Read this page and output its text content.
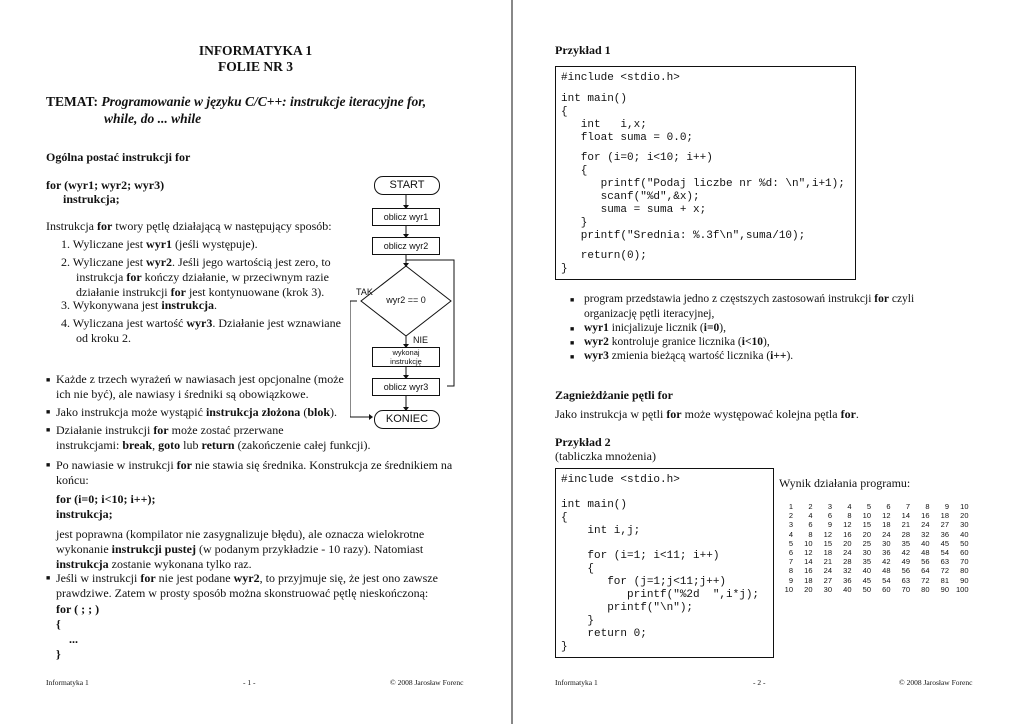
INFORMATYKA 1
FOLIE NR 3
TEMAT: Programowanie w języku C/C++: instrukcje iteracyjne for,
while, do ... while
Ogólna postać instrukcji for
for (wyr1; wyr2; wyr3)
instrukcja;
Instrukcja for twory pętlę działającą w następujący sposób:
1. Wyliczane jest wyr1 (jeśli występuje).
2. Wyliczane jest wyr2. Jeśli jego wartością jest zero, to
instrukcja for kończy działanie, w przeciwnym razie
działanie instrukcji for jest kontynuowane (krok 3).
3. Wykonywana jest instrukcja.
4. Wyliczana jest wartość wyr3. Działanie jest wznawiane
od kroku 2.
START
oblicz wyr1
oblicz wyr2
wyr2 == 0
TAK
NIE
wykonaj
instrukcję
oblicz wyr3
KONIEC
■ Każde z trzech wyrażeń w nawiasach jest opcjonalne (może
ich nie być), ale nawiasy i średniki są obowiązkowe.
■ Jako instrukcja może wystąpić instrukcja złożona (blok).
■ Działanie instrukcji for może zostać przerwane
instrukcjami: break, goto lub return (zakończenie całej funkcji).
■ Po nawiasie w instrukcji for nie stawia się średnika. Konstrukcja ze średnikiem na
końcu:
for (i=0; i<10; i++);
instrukcja;
jest poprawna (kompilator nie zasygnalizuje błędu), ale oznacza wielokrotne
wykonanie instrukcji pustej (w podanym przykładzie - 10 razy). Natomiast
instrukcja zostanie wykonana tylko raz.
■ Jeśli w instrukcji for nie jest podane wyr2, to przyjmuje się, że jest ono zawsze
prawdziwe. Zatem w prosty sposób można skonstruować pętlę nieskończoną:
for ( ; ; )
{
...
}
Informatyka 1	- 1 -	© 2008 Jarosław Forenc
Przykład 1
#include <stdio.h>
int main()
{
int   i,x;
float suma = 0.0;
for (i=0; i<10; i++)
{
printf("Podaj liczbe nr %d: \n",i+1);
scanf("%d",&x);
suma = suma + x;
}
printf("Srednia: %.3f\n",suma/10);
return(0);
}
■ program przedstawia jedno z częstszych zastosowań instrukcji for czyli
organizację pętli iteracyjnej,
■ wyr1 inicjalizuje licznik (i=0),
■ wyr2 kontroluje granice licznika (i<10),
■ wyr3 zmienia bieżącą wartość licznika (i++).
Zagnieżdżanie pętli for
Jako instrukcja w pętli for może występować kolejna pętla for.
Przykład 2
(tabliczka mnożenia)
#include <stdio.h>
int main()
{
int i,j;
for (i=1; i<11; i++)
{
for (j=1;j<11;j++)
printf("%2d  ",i*j);
printf("\n");
}
return 0;
}
Wynik działania programu:
1	2	3	4	5	6	7	8	9	10
2	4	6	8	10	12	14	16	18	20
3	6	9	12	15	18	21	24	27	30
4	8	12	16	20	24	28	32	36	40
5	10	15	20	25	30	35	40	45	50
6	12	18	24	30	36	42	48	54	60
7	14	21	28	35	42	49	56	63	70
8	16	24	32	40	48	56	64	72	80
9	18	27	36	45	54	63	72	81	90
10	20	30	40	50	60	70	80	90 100
Informatyka 1	- 2 -	© 2008 Jarosław Forenc
